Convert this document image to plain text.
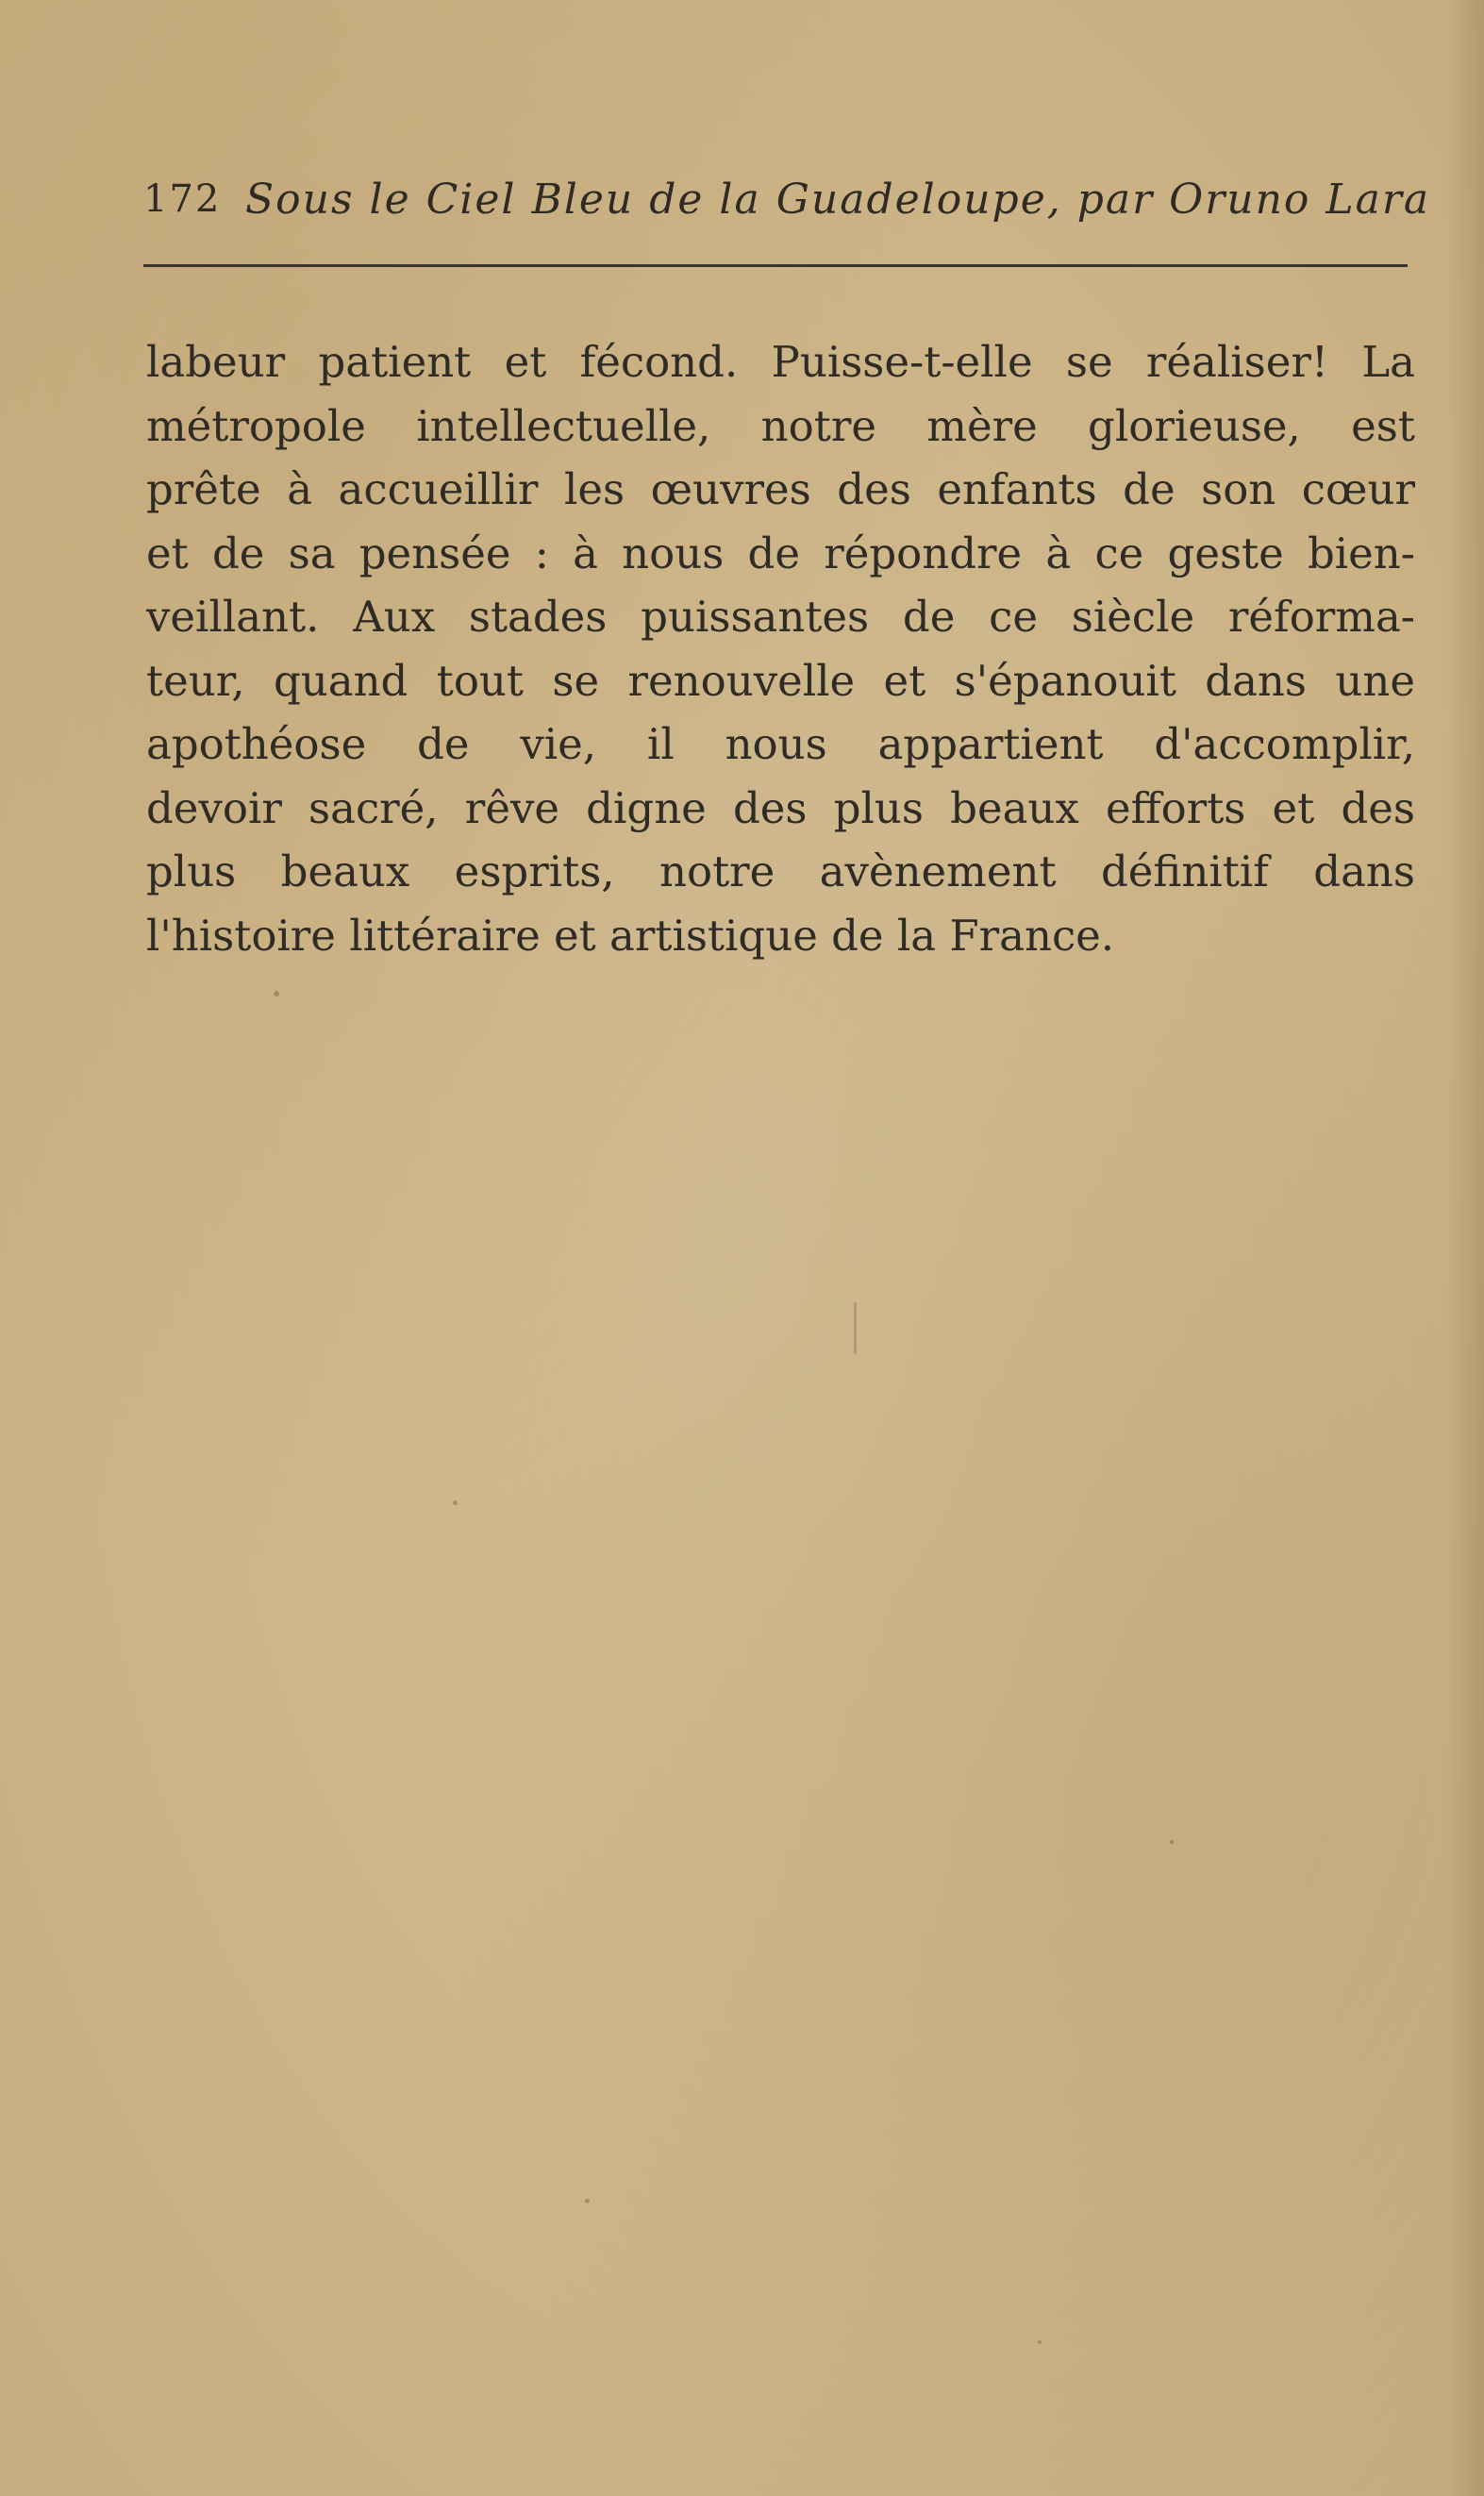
172 Sous le Ciel Bleu de la Guadeloupe, par Oruno Lara
labeur patient et fécond. Puisse-t-elle se réaliser! La
métropole intellectuelle, notre mère glorieuse, est
prête à accueillir les œuvres des enfants de son cœur
et de sa pensée : à nous de répondre à ce geste bien-
veillant. Aux stades puissantes de ce siècle réforma-
teur, quand tout se renouvelle et s'épanouit dans une
apothéose de vie, il nous appartient d'accomplir,
devoir sacré, rêve digne des plus beaux efforts et des
plus beaux esprits, notre avènement définitif dans
l'histoire littéraire et artistique de la France.
